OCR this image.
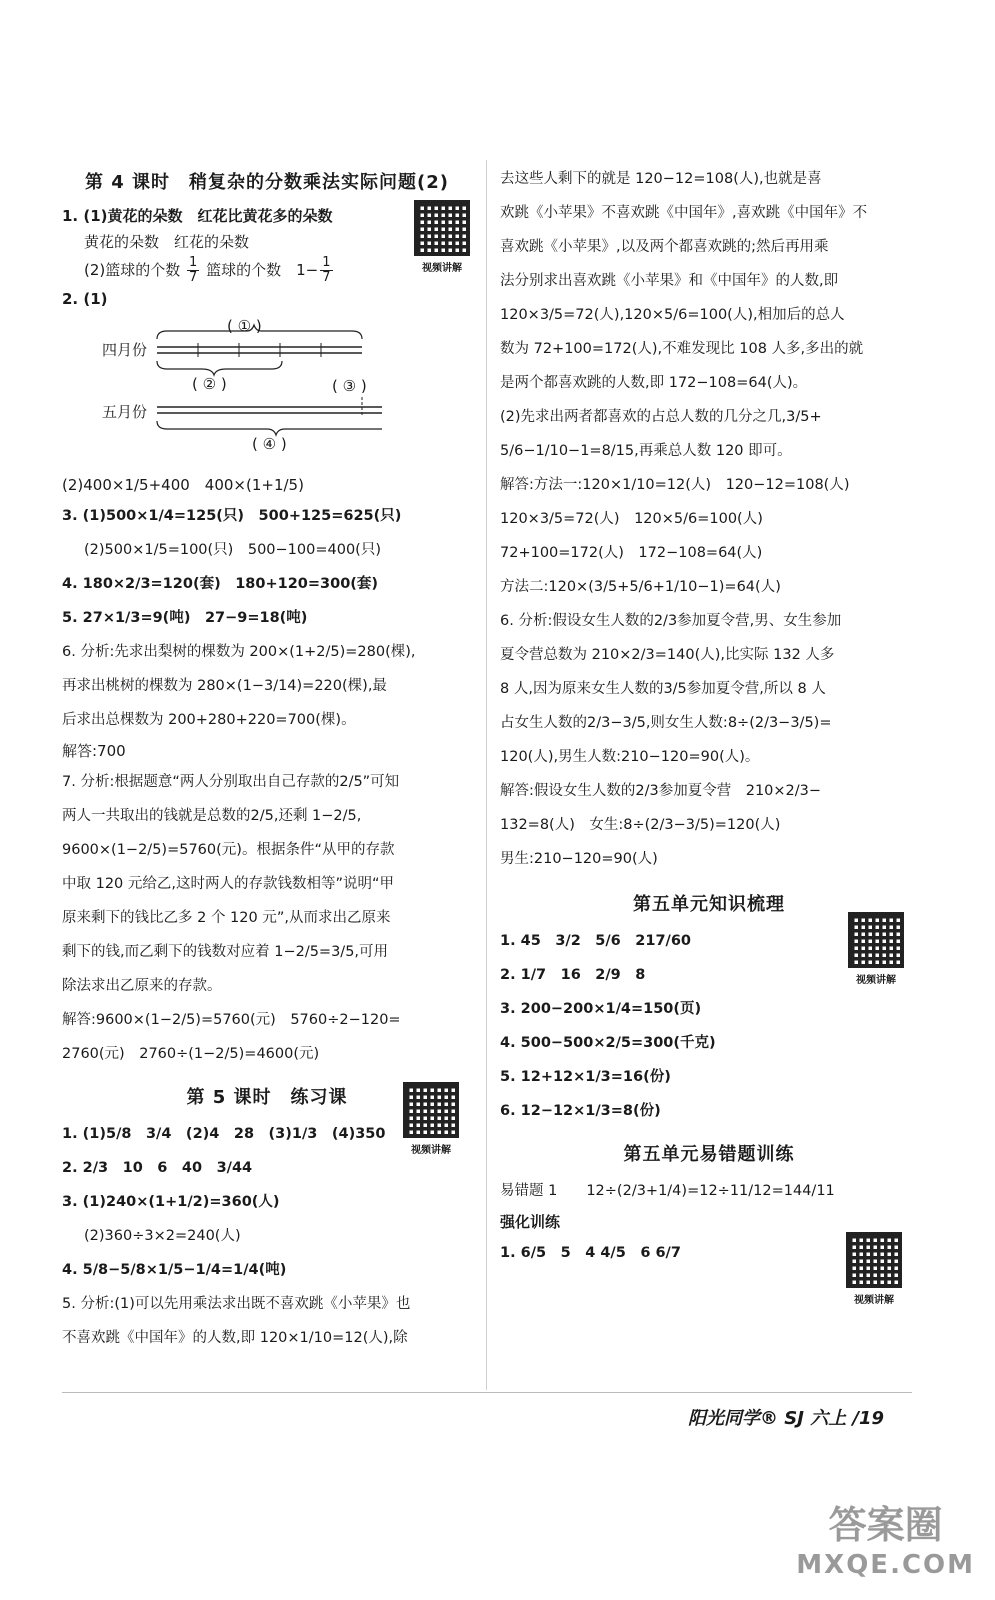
第 4 课时　稍复杂的分数乘法实际问题(2)
1. (1)黄花的朵数　红花比黄花多的朵数
黄花的朵数　红花的朵数
(2)篮球的个数 $\frac{1}{7}$ 篮球的个数　$1- \frac{1}{7}$
2. (1)
( ① )
四月份
( ② )	( ③ )
五月份
( ④ )
(2)400×1/5+400　400×(1+1/5)
3. (1)500×1/4=125(只)　500+125=625(只)
(2)500×1/5=100(只)　500−100=400(只)
4. 180×2/3=120(套)　180+120=300(套)
5. 27×1/3=9(吨)　27−9=18(吨)
6. 分析:先求出梨树的棵数为 200×(1+2/5)=280(棵),
再求出桃树的棵数为 280×(1−3/14)=220(棵),最
后求出总棵数为 200+280+220=700(棵)。
解答:700
7. 分析:根据题意“两人分别取出自己存款的2/5”可知
两人一共取出的钱就是总数的2/5,还剩 1−2/5,
9600×(1−2/5)=5760(元)。根据条件“从甲的存款
中取 120 元给乙,这时两人的存款钱数相等”说明“甲
原来剩下的钱比乙多 2 个 120 元”,从而求出乙原来
剩下的钱,而乙剩下的钱数对应着 1−2/5=3/5,可用
除法求出乙原来的存款。
解答:9600×(1−2/5)=5760(元)　5760÷2−120=
2760(元)　2760÷(1−2/5)=4600(元)
第 5 课时　练习课
1. (1)5/8　3/4　(2)4　28　(3)1/3　(4)350
2. 2/3　10　6　40　3/44
3. (1)240×(1+1/2)=360(人)
(2)360÷3×2=240(人)
4. 5/8−5/8×1/5−1/4=1/4(吨)
5. 分析:(1)可以先用乘法求出既不喜欢跳《小苹果》也
不喜欢跳《中国年》的人数,即 120×1/10=12(人),除
视频讲解
视频讲解
去这些人剩下的就是 120−12=108(人),也就是喜
欢跳《小苹果》不喜欢跳《中国年》,喜欢跳《中国年》不
喜欢跳《小苹果》,以及两个都喜欢跳的;然后再用乘
法分别求出喜欢跳《小苹果》和《中国年》的人数,即
120×3/5=72(人),120×5/6=100(人),相加后的总人
数为 72+100=172(人),不难发现比 108 人多,多出的就
是两个都喜欢跳的人数,即 172−108=64(人)。
(2)先求出两者都喜欢的占总人数的几分之几,3/5+
5/6−1/10−1=8/15,再乘总人数 120 即可。
解答:方法一:120×1/10=12(人)　120−12=108(人)
120×3/5=72(人)　120×5/6=100(人)
72+100=172(人)　172−108=64(人)
方法二:120×(3/5+5/6+1/10−1)=64(人)
6. 分析:假设女生人数的2/3参加夏令营,男、女生参加
夏令营总数为 210×2/3=140(人),比实际 132 人多
8 人,因为原来女生人数的3/5参加夏令营,所以 8 人
占女生人数的2/3−3/5,则女生人数:8÷(2/3−3/5)=
120(人),男生人数:210−120=90(人)。
解答:假设女生人数的2/3参加夏令营　210×2/3−
132=8(人)　女生:8÷(2/3−3/5)=120(人)
男生:210−120=90(人)
第五单元知识梳理
1. 45　3/2　5/6　217/60
2. 1/7　16　2/9　8
3. 200−200×1/4=150(页)
4. 500−500×2/5=300(千克)
5. 12+12×1/3=16(份)
6. 12−12×1/3=8(份)
第五单元易错题训练
易错题 1　　12÷(2/3+1/4)=12÷11/12=144/11
强化训练
1. 6/5　5　4 4/5　6 6/7
视频讲解
视频讲解
阳光同学® SJ 六上 /19
答案圈
MXQE.COM
